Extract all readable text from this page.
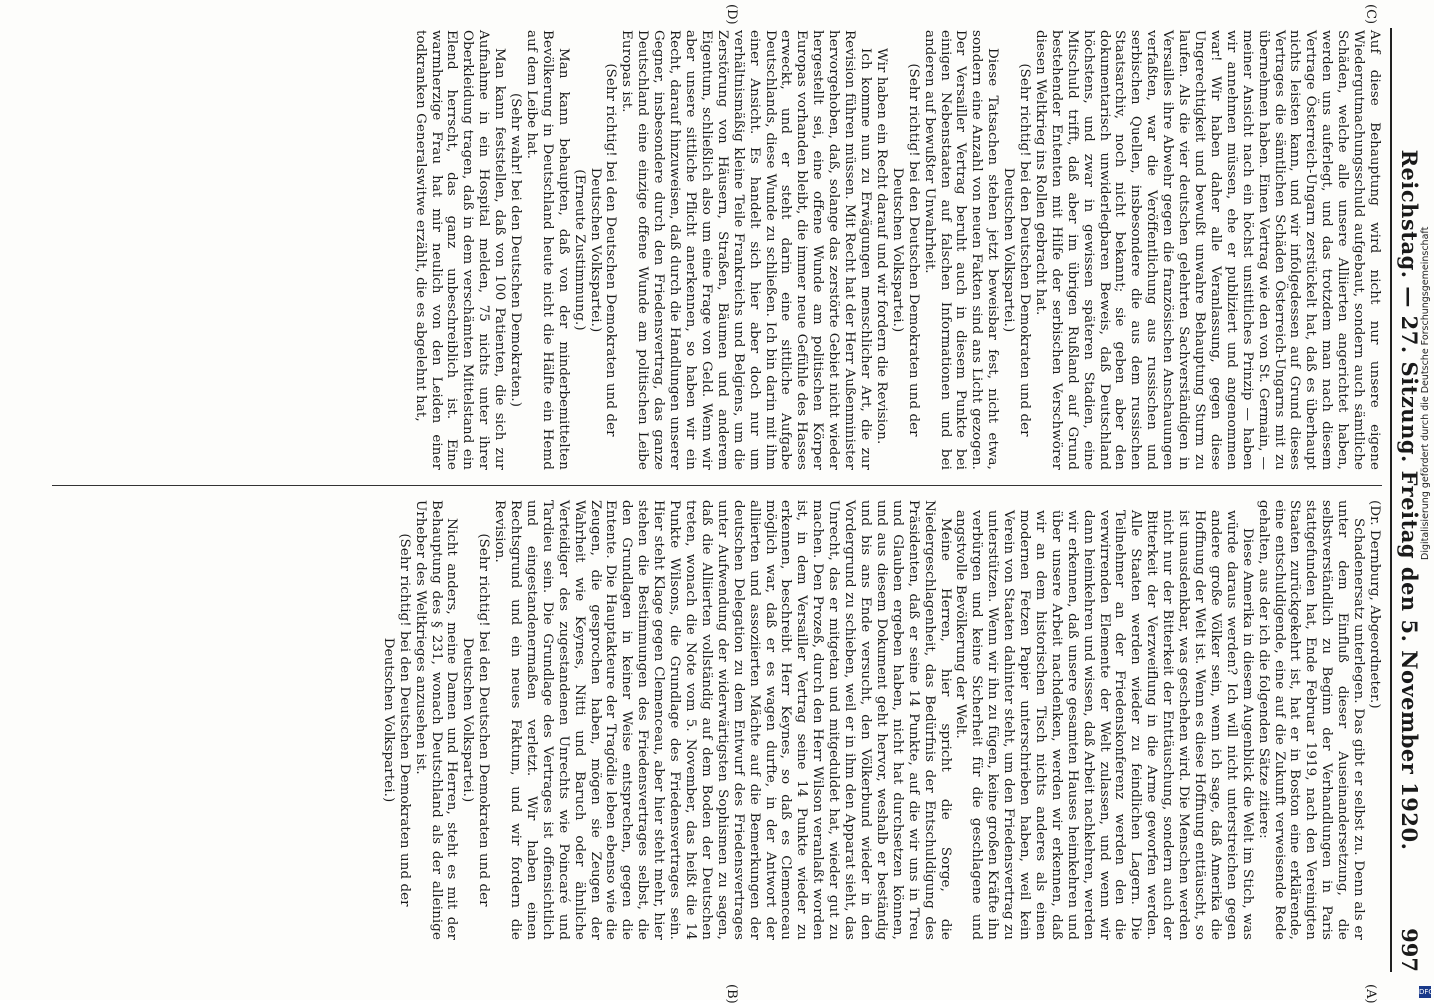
Reichstag. — 27. Sitzung. Freitag den 5. November 1920.
997
(A)
(B)
(C)
(D)

(Dr. Dernburg, Abgeordneter.)

Schadenersatz unterlegen. Das gibt er selbst zu. Denn als er unter dem Einfluß dieser Auseinandersetzung, die selbstverständlich zu Beginn der Verhandlungen in Paris stattgefunden hat, Ende Februar 1919, nach den Vereinigten Staaten zurückgekehrt ist, hat er in Boston eine erklärende, eine entschuldigende, eine auf die Zukunft verweisende Rede gehalten, aus der ich die folgenden Sätze zitiere:

Diese Amerika in diesem Augenblick die Welt im Stich, was würde daraus werden? Ich will nicht unterstreichen gegen andere große Völker sein, wenn ich sage, daß Amerika die Hoffnung der Welt ist. Wenn es diese Hoffnung enttäuscht, so ist unausdenkbar, was geschehen wird. Die Menschen werden nicht nur der Bitterkeit der Enttäuschung, sondern auch der Bitterkeit der Verzweiflung in die Arme geworfen werden. Alle Staaten werden wieder zu feindlichen Lagern. Die Teilnehmer an der Friedenskonferenz werden den die verwirrenden Elemente der Welt zulassen, und wenn wir dann heimkehren und wissen, daß Arbeit nachkehren, werden wir erkennen, daß unsere gesamten Hauses heimkehren und über unsere Arbeit nachdenken, werden wir erkennen, daß wir an dem historischen Tisch nichts anderes als einen modernen Fetzen Papier unterschrieben haben, weil kein Verein von Staaten dahinter steht, um den Friedensvertrag zu unterstützen. Wenn wir ihn zu fügen, keine großen Kräfte ihn verbürgen und keine Sicherheit für die geschlagene und angstvolle Bevölkerung der Welt.

Meine Herren, hier spricht die Sorge, die Niedergeschlagenheit, das Bedürfnis der Entschuldigung des Präsidenten, daß er seine 14 Punkte, auf die wir uns in Treu und Glauben ergeben haben, nicht hat durchsetzen können, und aus diesem Dokument geht hervor, weshalb er beständig und bis ans Ende versucht, den Völkerbund wieder in den Vordergrund zu schieben, weil er in ihm den Apparat sieht, das Unrecht, das er mitgetan und mitgeduldet hat, wieder gut zu machen. Den Prozeß, durch den Herr Wilson veranlaßt worden ist, in dem Versailler Vertrag seine 14 Punkte wieder zu erkennen, beschreibt Herr Keynes, so daß es Clemenceau möglich war, daß er es wagen durfte, in der Antwort der alliierten und assoziierten Mächte auf die Bemerkungen der deutschen Delegation zu dem Entwurf des Friedensvertrages unter Aufwendung der widerwärtigsten Sophismen zu sagen, daß die Alliierten vollständig auf dem Boden der Deutschen treten, wonach die Note vom 5. November, das heißt die 14 Punkte Wilsons, die Grundlage des Friedensvertrages sein. Hier steht Klage gegen Clemenceau, aber hier steht mehr, hier stehen die Bestimmungen des Friedensvertrages selbst, die den Grundlagen in keiner Weise entsprechen, gegen die Entente. Die Hauptakteure der Tragödie leben ebenso wie die Zeugen, die gesprochen haben, mögen sie Zeugen der Wahrheit wie Keynes, Nitti und Baruch oder ähnliche Verteidiger des zugestandenen Unrechts wie Poincaré und Tardieu sein. Die Grundlage des Vertrages ist offensichtlich und eingestandenermaßen verletzt. Wir haben einen Rechtsgrund und ein neues Faktum, und wir fordern die Revision.

(Sehr richtig! bei den Deutschen Demokraten und der Deutschen Volkspartei.)

Nicht anders, meine Damen und Herren, steht es mit der Behauptung des § 231, wonach Deutschland als der alleinige Urheber des Weltkrieges anzusehen ist.

(Sehr richtig! bei den Deutschen Demokraten und der Deutschen Volkspartei.)

Auf diese Behauptung wird nicht nur unsere eigene Wiedergutmachungsschuld aufgebaut, sondern auch sämtliche Schäden, welche alle unsere Alliierten angerichtet haben, werden uns auferlegt, und das trotzdem man nach diesem Vertrage Österreich-Ungarn zerstückelt hat, daß es überhaupt nichts leisten kann, und wir infolgedessen auf Grund dieses Vertrages die sämtlichen Schäden Österreich-Ungarns mit zu übernehmen haben. Einen Vertrag wie den von St. Germain, — meiner Ansicht nach ein höchst unsittliches Prinzip — haben wir annehmen müssen, ehe er publiziert und angenommen war! Wir haben daher alle Veranlassung, gegen diese Ungerechtigkeit und bewußt unwahre Behauptung Sturm zu laufen. Als die vier deutschen gelehrten Sachverständigen in Versailles ihre Abwehr gegen die französischen Anschauungen verfaßten, war die Veröffentlichung aus russischen und serbischen Quellen, insbesondere die aus dem russischen Staatsarchiv, noch nicht bekannt; sie geben aber den dokumentarisch unwiderlegbaren Beweis, daß Deutschland höchstens, und zwar in gewissen späteren Stadien, eine Mitschuld trifft, daß aber im übrigen Rußland auf Grund bestehender Ententen mit Hilfe der serbischen Verschwörer diesen Weltkrieg ins Rollen gebracht hat.

(Sehr richtig! bei den Deutschen Demokraten und der Deutschen Volkspartei.)

Diese Tatsachen stehen jetzt beweisbar fest, nicht etwa, sondern eine Anzahl von neuen Fakten sind ans Licht gezogen. Der Versailler Vertrag beruht auch in diesem Punkte bei einigen Nebenstaaten auf falschen Informationen und bei anderen auf bewußter Unwahrheit.

(Sehr richtig! bei den Deutschen Demokraten und der Deutschen Volkspartei.)

Wir haben ein Recht darauf und wir fordern die Revision.

Ich komme nun zu Erwägungen menschlicher Art, die zur Revision führen müssen. Mit Recht hat der Herr Außenminister hervorgehoben, daß, solange das zerstörte Gebiet nicht wieder hergestellt sei, eine offene Wunde am politischen Körper Europas vorhanden bleibt, die immer neue Gefühle des Hasses erweckt, und er steht darin eine sittliche Aufgabe Deutschlands, diese Wunde zu schließen. Ich bin darin mit ihm einer Ansicht. Es handelt sich hier aber doch nur um verhältnismäßig kleine Teile Frankreichs und Belgiens, um die Zerstörung von Häusern, Straßen, Bäumen und anderem Eigentum, schließlich also um eine Frage von Geld. Wenn wir aber unsere sittliche Pflicht anerkennen, so haben wir ein Recht, darauf hinzuweisen, daß durch die Handlungen unserer Gegner, insbesondere durch den Friedensvertrag, das ganze Deutschland eine einzige offene Wunde am politischen Leibe Europas ist.

(Sehr richtig! bei den Deutschen Demokraten und der Deutschen Volkspartei.)

(Erneute Zustimmung.)

Man kann behaupten, daß von der minderbemittelten Bevölkerung in Deutschland heute nicht die Hälfte ein Hemd auf dem Leibe hat.

(Sehr wahr! bei den Deutschen Demokraten.)

Man kann feststellen, daß von 100 Patienten, die sich zur Aufnahme in ein Hospital melden, 75 nichts unter ihrer Oberkleidung tragen, daß in dem verschämten Mittelstand ein Elend herrscht, das ganz unbeschreiblich ist. Eine warmherzige Frau hat mir neulich von den Leiden einer todkranken Generalswitwe erzählt, die es abgelehnt hat,	Digitalisierung gefördert durch die Deutsche Forschungsgemeinschaft
DFG
